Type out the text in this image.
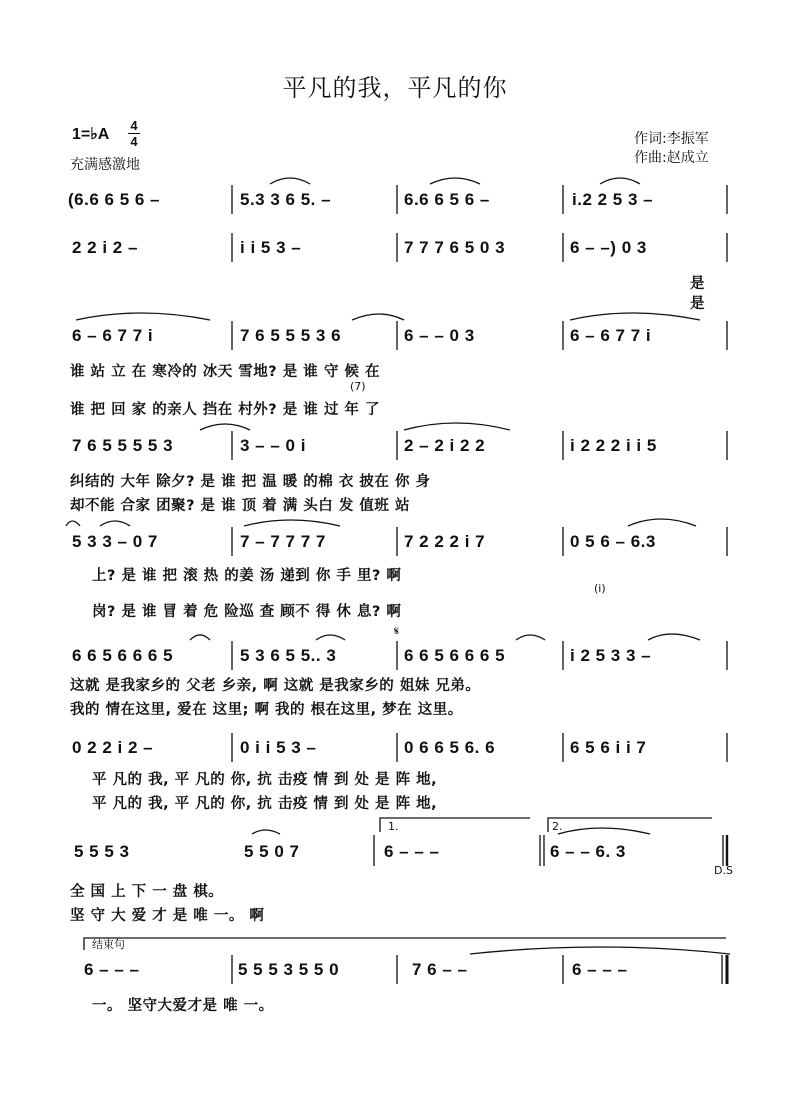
平凡的我，平凡的你
1=♭A
4
4
充满感激地
作词:李振军
作曲:赵成立
(6.6 6 5 6 –	5.3 3 6 5. –	6.6 6 5 6 –	i.2 2 5 3 –
2 2 i 2 –	i i 5 3 –	7 7 7 6 5 0 3	6 – –) 0 3
是
是
6 – 6 7 7 i	7 6 5 5 5 3 6	6 – – 0 3	6 – 6 7 7 i
谁 站 立 在 寒冷的 冰天 雪地? 是 谁 守 候 在
(7)
谁 把 回 家 的亲人 挡在 村外? 是 谁 过 年 了
7 6 5 5 5 5 3	3 – – 0 i	2 – 2 i 2 2	i 2 2 2 i i 5
纠结的 大年 除夕? 是 谁 把 温 暖 的棉 衣 披在 你 身
却不能 合家 团聚? 是 谁 顶 着 满 头白 发 值班 站
5 3 3 – 0 7	7 – 7 7 7 7	7 2 2 2 i 7	0 5 6 – 6.3
上? 是 谁 把 滚 热 的姜 汤 递到 你 手 里? 啊
(i)
岗? 是 谁 冒 着 危 险巡 查 顾不 得 休 息? 啊
6 6 5 6 6 6 5	5 3 6 5 5.. 3	6 6 5 6 6 6 5	i 2 5 3 3 –
这就 是我家乡的 父老 乡亲, 啊 这就 是我家乡的 姐妹 兄弟。
我的 情在这里, 爱在 这里; 啊 我的 根在这里, 梦在 这里。
0 2 2 i 2 –	0 i i 5 3 –	0 6 6 5 6. 6	6 5 6 i i 7
平 凡的 我, 平 凡的 你, 抗 击疫 情 到 处 是 阵 地,
平 凡的 我, 平 凡的 你, 抗 击疫 情 到 处 是 阵 地,
5 5 5 3	5 5 0 7	6 – – –	6 – – 6. 3
1.	2.
D.S
全 国 上 下 一 盘 棋。
坚 守 大 爱 才 是 唯 一。 啊
结束句
6 – – –	5 5 5 3 5 5 0	7 6 – –	6 – – –
一。 坚守大爱才是 唯 一。
𝄋
